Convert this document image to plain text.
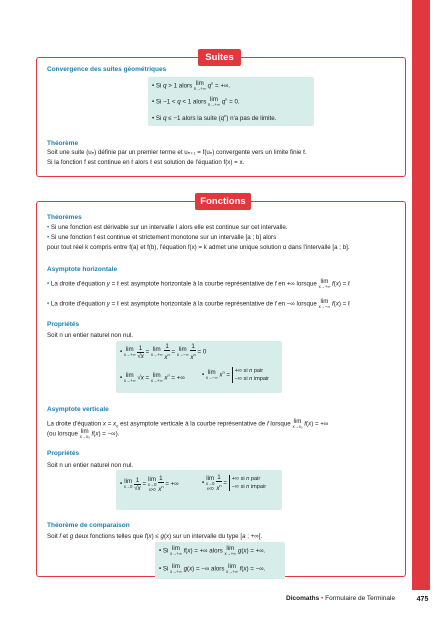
Suites
Convergence des suites géométriques
• Si q > 1 alors lim
n→+∞ $q^n$ = +∞.
• Si −1 < q < 1 alors lim
n→+∞ $q^n = 0$.
• Si q ≤ −1 alors la suite $(q^n)$ n'a pas de limite.
Théorème
Soit une suite (uₙ) définie par un premier terme et uₙ₊₁ = f(uₙ) convergente vers un limite finie ℓ.
Si la fonction f est continue en ℓ alors ℓ est solution de l'équation f(x) = x.
Fonctions
Théorèmes
• Si une fonction est dérivable sur un intervalle I alors elle est continue sur cet intervalle.
• Si une fonction f est continue et strictement monotone sur un intervalle [a ; b] alors
pour tout réel k compris entre f(a) et f(b), l'équation f(x) = k admet une unique solution α dans l'intervalle [a ; b].
Asymptote horizontale
• La droite d'équation y = ℓ est asymptote horizontale à la courbe représentative de f en +∞ lorsque lim
x→+∞ f(x) = ℓ
• La droite d'équation y = ℓ est asymptote horizontale à la courbe représentative de f en −∞ lorsque lim
x→−∞ f(x) = ℓ
Propriétés
Soit n un entier naturel non nul.
• lim
x→+∞
$\frac{1}{√x} = \lim$
x→+∞
$\frac{1}{x^n} = \lim$
x→−∞
$\frac{1}{x^n} = 0$
• lim
x→+∞ √x = lim
x→+∞ $x^n$ = +∞	• lim
x→−∞ $x^n$ =
+∞ si n pair
−∞ si n impair
Asymptote verticale
La droite d'équation $x = x_0$ est asymptote verticale à la courbe représentative de f lorsque lim
x→x₀ f(x) = +∞
(ou lorsque lim
x→x₀ f(x) = −∞).
Propriétés
Soit n un entier naturel non nul.
• lim
x→0
$\frac{1}{√x}$ =
lim
x→0
x>0
$\frac{1}{x^n}$ = +∞	•
lim
x→0
x<0
$\frac{1}{x^n}$ =
+∞ si n pair
−∞ si n impair
Théorème de comparaison
Soit f et g deux fonctions telles que f(x) ≤ g(x) sur un intervalle du type [a ; +∞[.
• Si lim
x→+∞ f(x) = +∞ alors lim
x→+∞ g(x) = +∞.
• Si lim
x→+∞ g(x) = −∞ alors lim
x→+∞ f(x) = −∞.
Dicomaths • Formulaire de Terminale	475
